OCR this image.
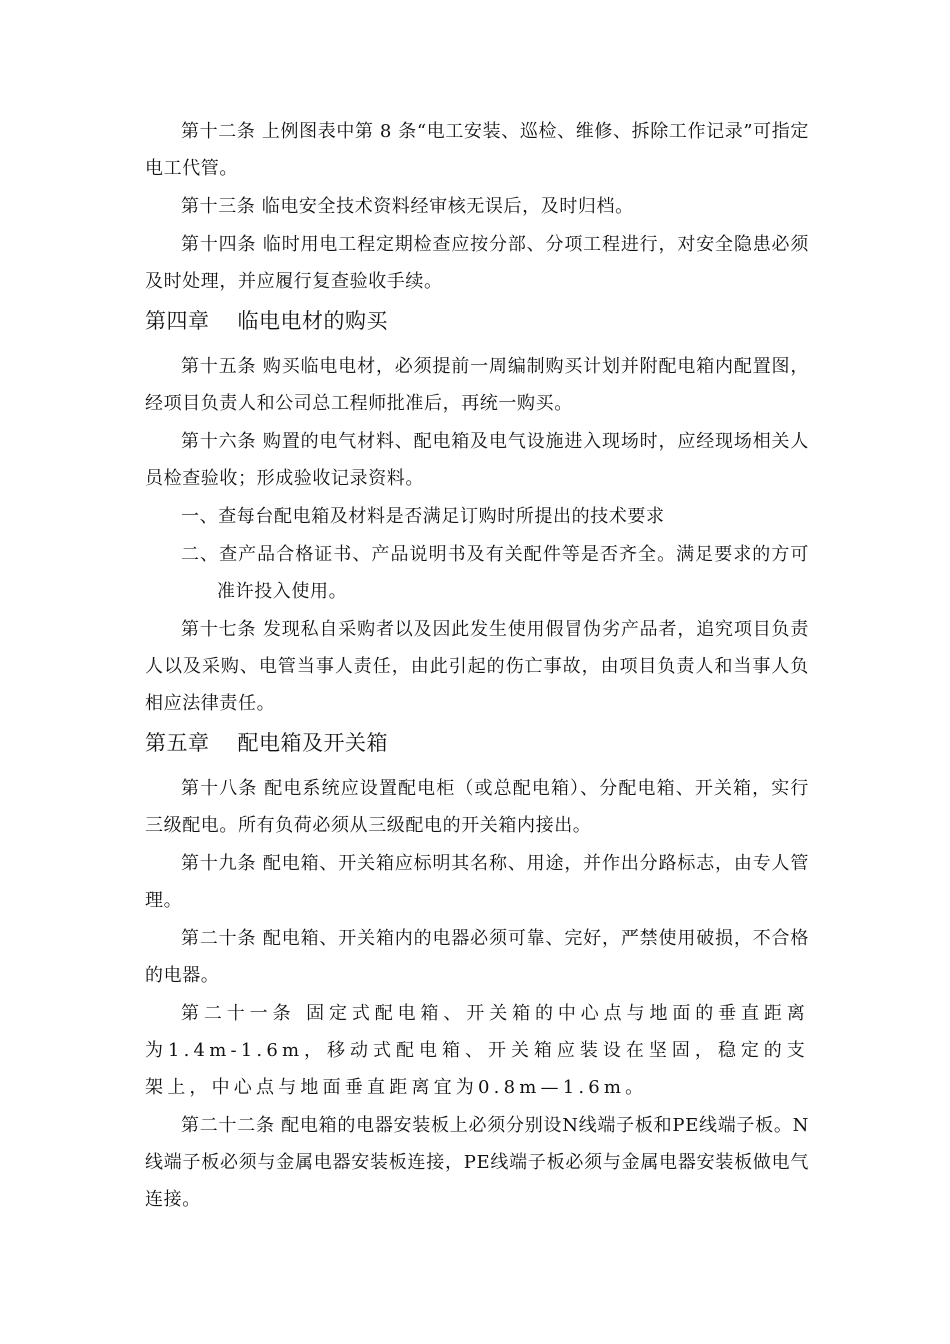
第十二条 上例图表中第 8 条“电工安装、巡检、维修、拆除工作记录”可指定电工代管。

第十三条 临电安全技术资料经审核无误后，及时归档。

第十四条 临时用电工程定期检查应按分部、分项工程进行，对安全隐患必须及时处理，并应履行复查验收手续。

第四章 临电电材的购买

第十五条 购买临电电材，必须提前一周编制购买计划并附配电箱内配置图，经项目负责人和公司总工程师批准后，再统一购买。

第十六条 购置的电气材料、配电箱及电气设施进入现场时，应经现场相关人员检查验收；形成验收记录资料。

一、查每台配电箱及材料是否满足订购时所提出的技术要求

二、查产品合格证书、产品说明书及有关配件等是否齐全。满足要求的方可准许投入使用。

第十七条 发现私自采购者以及因此发生使用假冒伪劣产品者，追究项目负责人以及采购、电管当事人责任，由此引起的伤亡事故，由项目负责人和当事人负相应法律责任。

第五章 配电箱及开关箱

第十八条 配电系统应设置配电柜（或总配电箱）、分配电箱、开关箱，实行三级配电。所有负荷必须从三级配电的开关箱内接出。

第十九条 配电箱、开关箱应标明其名称、用途，并作出分路标志，由专人管理。

第二十条 配电箱、开关箱内的电器必须可靠、完好，严禁使用破损，不合格的电器。

第二十一条 固定式配电箱、开关箱的中心点与地面的垂直距离为1.4m-1.6m，移动式配电箱、开关箱应装设在坚固，稳定的支架上，中心点与地面垂直距离宜为0.8m—1.6m。

第二十二条 配电箱的电器安装板上必须分别设N线端子板和PE线端子板。N线端子板必须与金属电器安装板连接，PE线端子板必须与金属电器安装板做电气连接。
